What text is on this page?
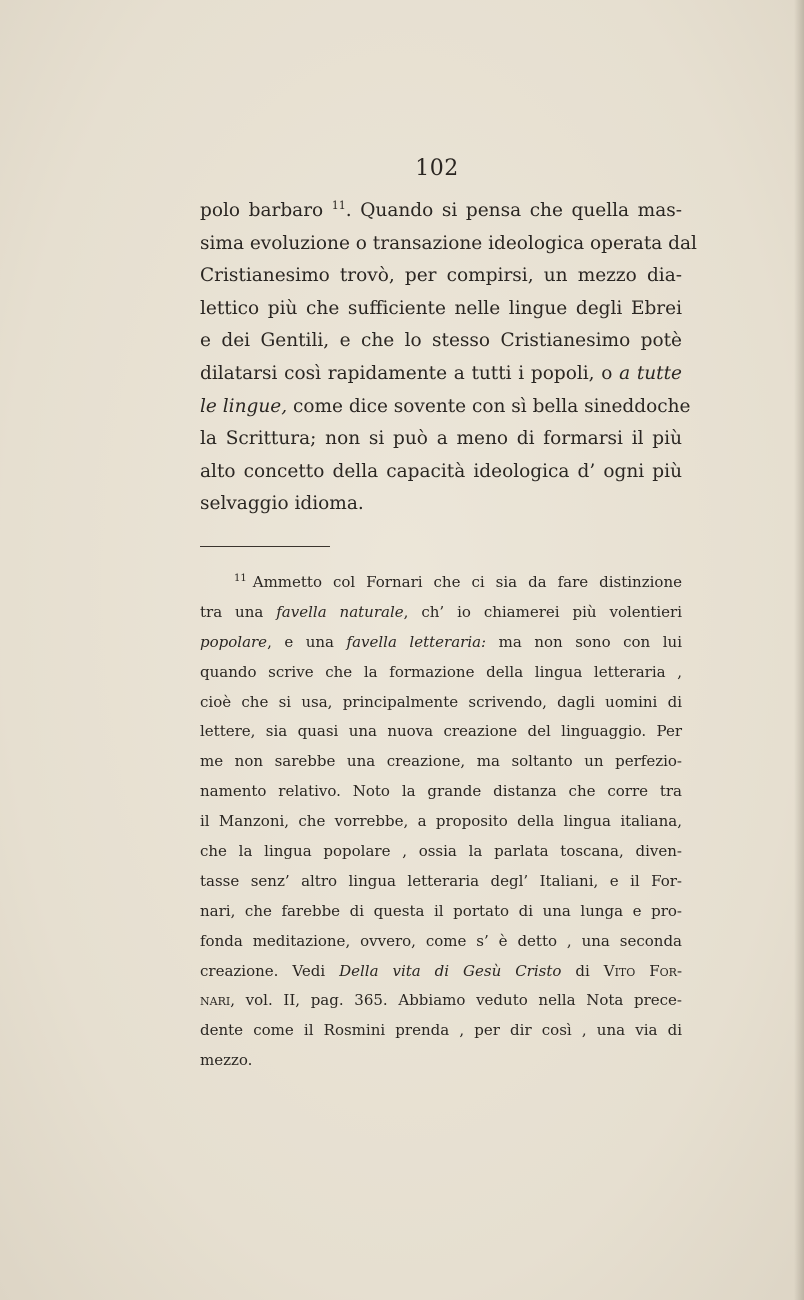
102
polo barbaro $^{11}$. Quando si pensa che quella mas-
sima evoluzione o transazione ideologica operata dal
Cristianesimo trovò, per compirsi, un mezzo dia-
lettico più che sufficiente nelle lingue degli Ebrei
e dei Gentili, e che lo stesso Cristianesimo potè
dilatarsi così rapidamente a tutti i popoli, o a tutte
le lingue, come dice sovente con sì bella sineddoche
la Scrittura; non si può a meno di formarsi il più
alto concetto della capacità ideologica d’ ogni più
selvaggio idioma.
$^{11}$ Ammetto col Fornari che ci sia da fare distinzione
tra una favella naturale, ch’ io chiamerei più volentieri
popolare, e una favella letteraria: ma non sono con lui
quando scrive che la formazione della lingua letteraria ,
cioè che si usa, principalmente scrivendo, dagli uomini di
lettere, sia quasi una nuova creazione del linguaggio. Per
me non sarebbe una creazione, ma soltanto un perfezio-
namento relativo. Noto la grande distanza che corre tra
il Manzoni, che vorrebbe, a proposito della lingua italiana,
che la lingua popolare , ossia la parlata toscana, diven-
tasse senz’ altro lingua letteraria degl’ Italiani, e il For-
nari, che farebbe di questa il portato di una lunga e pro-
fonda meditazione, ovvero, come s’ è detto , una seconda
creazione. Vedi Della vita di Gesù Cristo di Vito For-
nari, vol. II, pag. 365. Abbiamo veduto nella Nota prece-
dente come il Rosmini prenda , per dir così , una via di
mezzo.
